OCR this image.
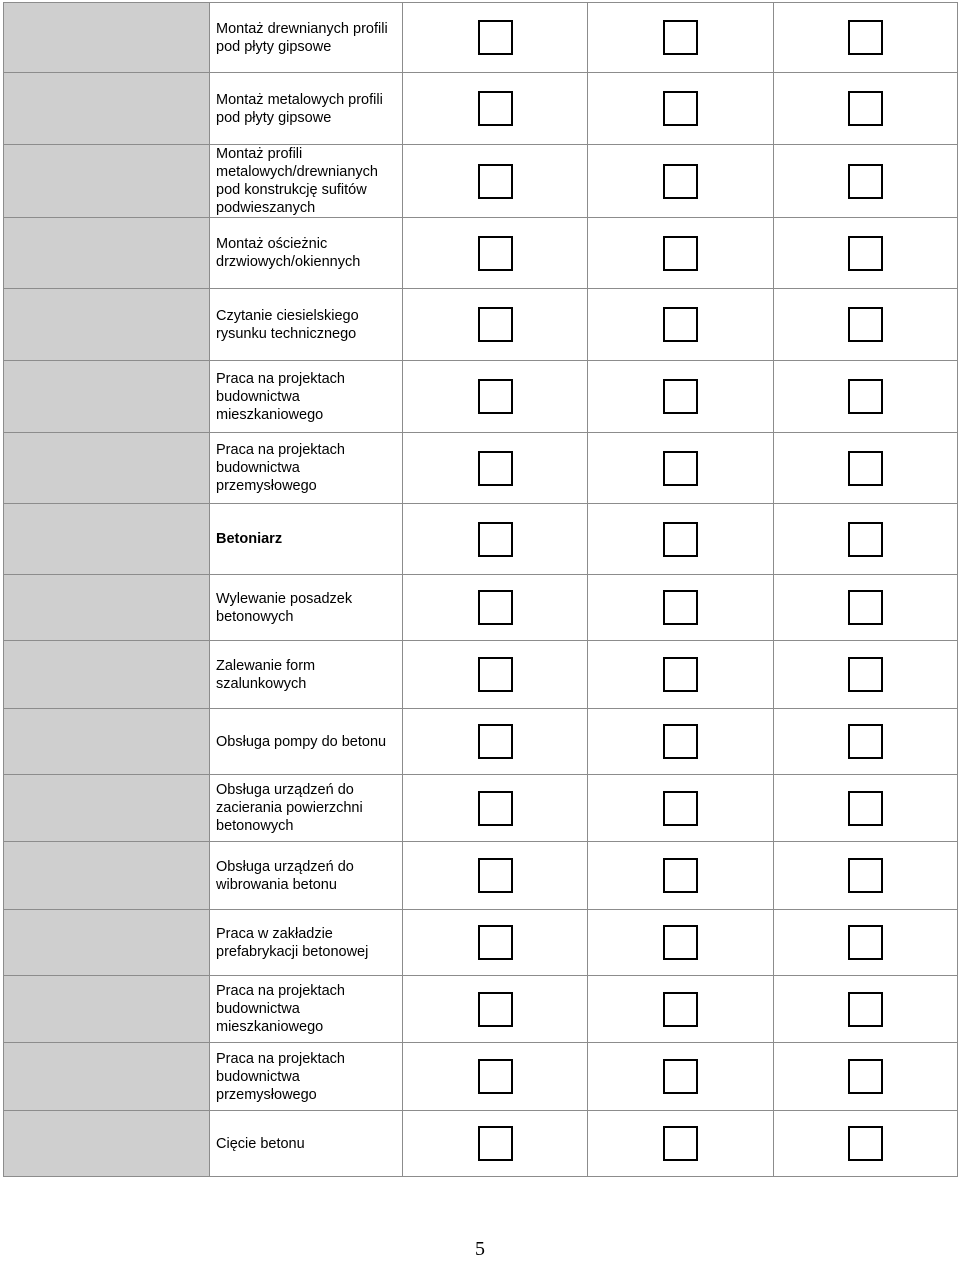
	Montaż drewnianych profili pod płyty gipsowe			
	Montaż metalowych profili pod płyty gipsowe			
	Montaż profili metalowych/drewnianych pod konstrukcję sufitów podwieszanych			
	Montaż ościeżnic drzwiowych/okiennych			
	Czytanie ciesielskiego rysunku technicznego			
	Praca na projektach budownictwa mieszkaniowego			
	Praca na projektach budownictwa przemysłowego			
	Betoniarz			
	Wylewanie posadzek betonowych			
	Zalewanie form szalunkowych			
	Obsługa pompy do betonu			
	Obsługa urządzeń do zacierania powierzchni betonowych			
	Obsługa urządzeń do wibrowania betonu			
	Praca w zakładzie prefabrykacji betonowej			
	Praca na projektach budownictwa mieszkaniowego			
	Praca na projektach budownictwa przemysłowego			
	Cięcie betonu			
5
